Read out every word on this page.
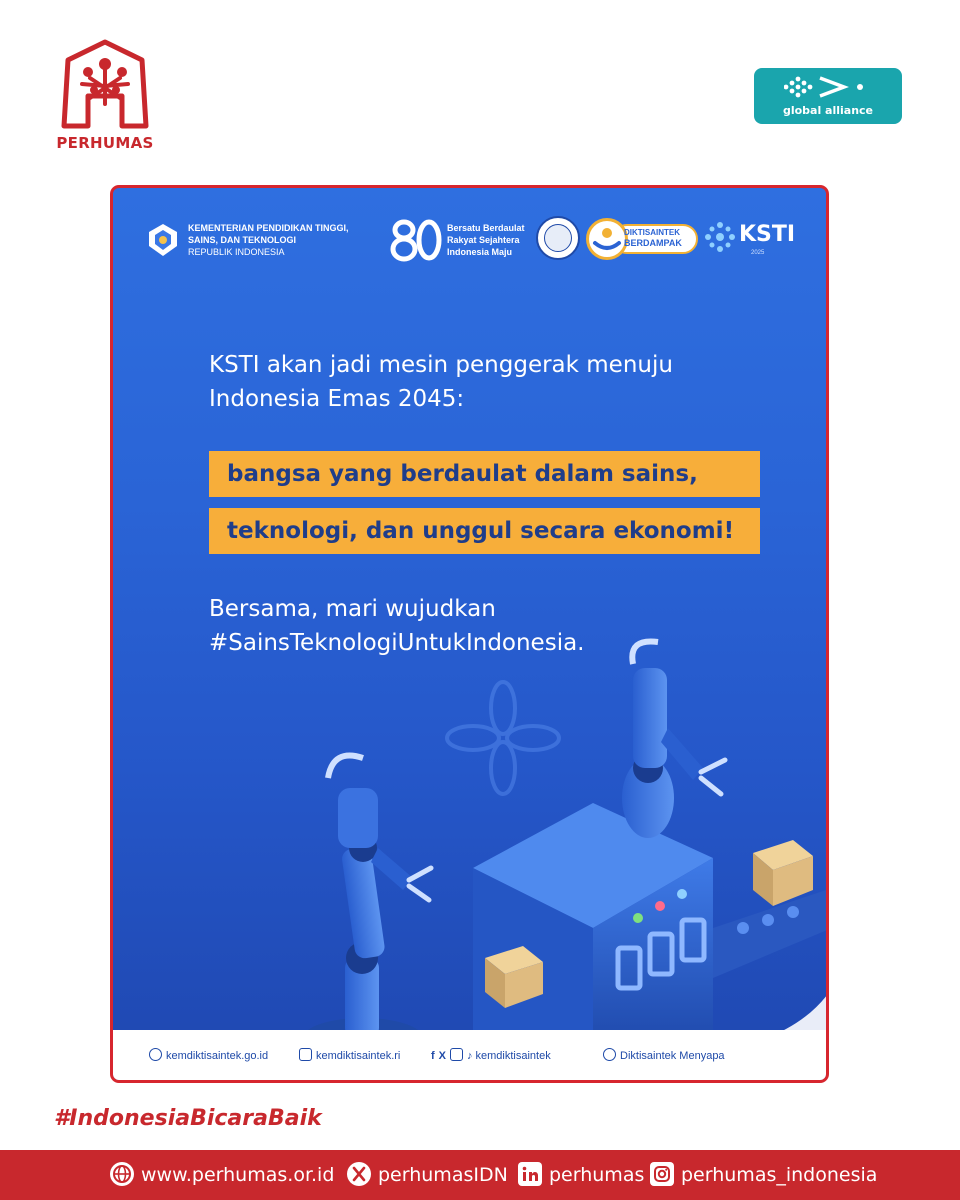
PERHUMAS
global alliance
KEMENTERIAN PENDIDIKAN TINGGI,
SAINS, DAN TEKNOLOGI
REPUBLIK INDONESIA
Bersatu Berdaulat
Rakyat Sejahtera
Indonesia Maju
DIKTISAINTEK
BERDAMPAK	KSTI
2025
KSTI akan jadi mesin penggerak menuju
Indonesia Emas 2045:
bangsa yang berdaulat dalam sains,
teknologi, dan unggul secara ekonomi!
Bersama, mari wujudkan
#SainsTeknologiUntukIndonesia.
kemdiktisaintek.go.id	kemdiktisaintek.ri	f X ♪ kemdiktisaintek	Diktisaintek Menyapa
#IndonesiaBicaraBaik
www.perhumas.or.id	perhumasIDN	perhumas	perhumas_indonesia
